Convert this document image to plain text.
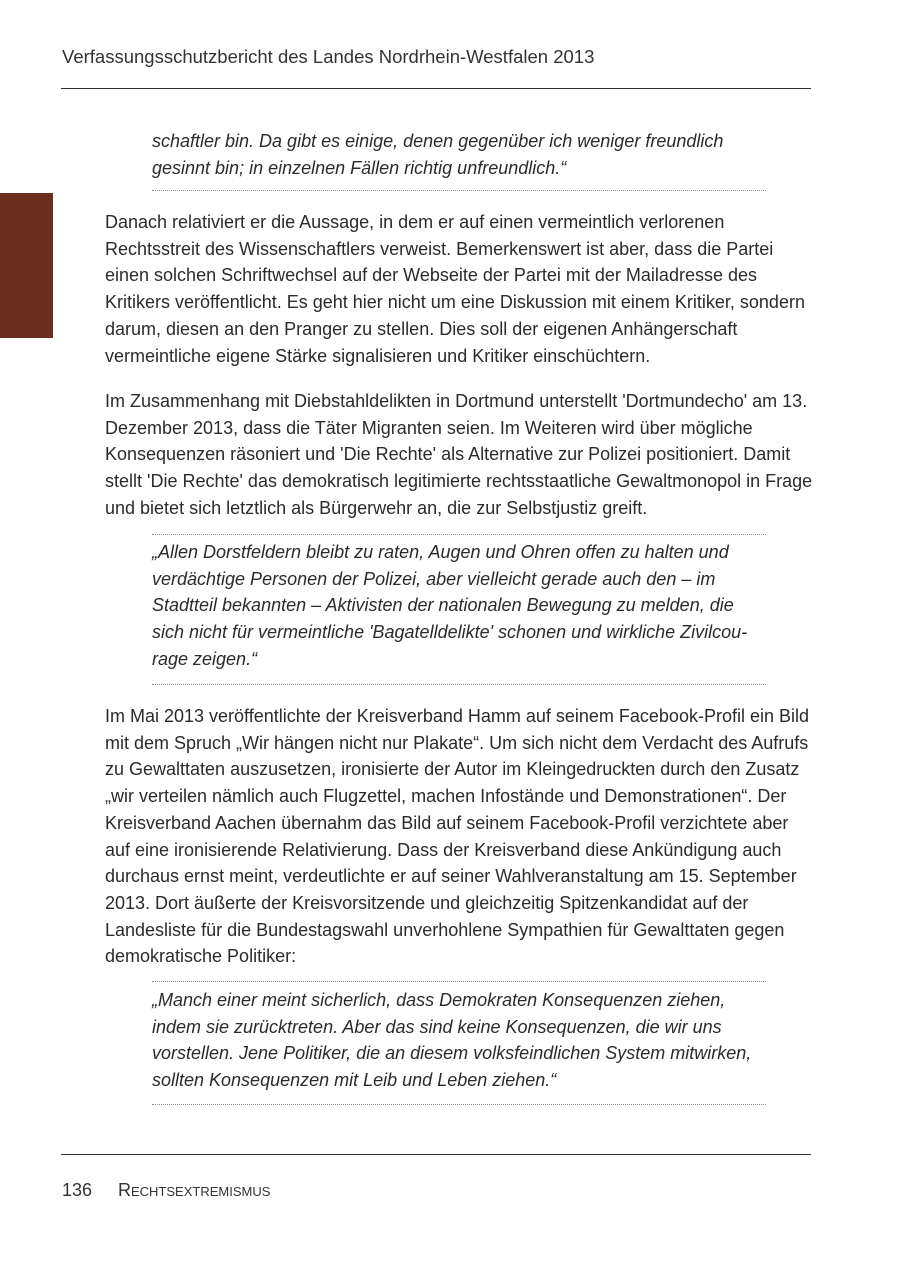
Verfassungsschutzbericht des Landes Nordrhein-Westfalen 2013

schaftler bin. Da gibt es einige, denen gegenüber ich weniger freundlich gesinnt bin; in einzelnen Fällen richtig unfreundlich.“

Danach relativiert er die Aussage, in dem er auf einen vermeintlich verlorenen Rechtsstreit des Wissenschaftlers verweist. Bemerkenswert ist aber, dass die Partei einen solchen Schriftwechsel auf der Webseite der Partei mit der Mailadresse des Kritikers veröffentlicht. Es geht hier nicht um eine Diskussion mit einem Kritiker, sondern darum, diesen an den Pranger zu stellen. Dies soll der eigenen Anhängerschaft vermeintliche eigene Stärke signalisieren und Kritiker einschüchtern.

Im Zusammenhang mit Diebstahldelikten in Dortmund unterstellt 'Dortmundecho' am 13. Dezember 2013, dass die Täter Migranten seien. Im Weiteren wird über mögliche Konsequenzen räsoniert und 'Die Rechte' als Alternative zur Polizei positioniert. Damit stellt 'Die Rechte' das demokratisch legitimierte rechtsstaatliche Gewaltmonopol in Frage und bietet sich letztlich als Bürgerwehr an, die zur Selbstjustiz greift.

„Allen Dorstfeldern bleibt zu raten, Augen und Ohren offen zu halten und verdächtige Personen der Polizei, aber vielleicht gerade auch den – im Stadtteil bekannten – Aktivisten der nationalen Bewegung zu melden, die sich nicht für vermeintliche 'Bagatelldelikte' schonen und wirkliche Zivilcourage zeigen.“

Im Mai 2013 veröffentlichte der Kreisverband Hamm auf seinem Facebook-Profil ein Bild mit dem Spruch „Wir hängen nicht nur Plakate“. Um sich nicht dem Verdacht des Aufrufs zu Gewalttaten auszusetzen, ironisierte der Autor im Kleingedruckten durch den Zusatz „wir verteilen nämlich auch Flugzettel, machen Infostände und Demonstrationen“. Der Kreisverband Aachen übernahm das Bild auf seinem Facebook-Profil verzichtete aber auf eine ironisierende Relativierung. Dass der Kreisverband diese Ankündigung auch durchaus ernst meint, verdeutlichte er auf seiner Wahlveranstaltung am 15. September 2013. Dort äußerte der Kreisvorsitzende und gleichzeitig Spitzenkandidat auf der Landesliste für die Bundestagswahl unverhohlene Sympathien für Gewalttaten gegen demokratische Politiker:

„Manch einer meint sicherlich, dass Demokraten Konsequenzen ziehen, indem sie zurücktreten. Aber das sind keine Konsequenzen, die wir uns vorstellen. Jene Politiker, die an diesem volksfeindlichen System mitwirken, sollten Konsequenzen mit Leib und Leben ziehen.“

136 Rechtsextremismus
